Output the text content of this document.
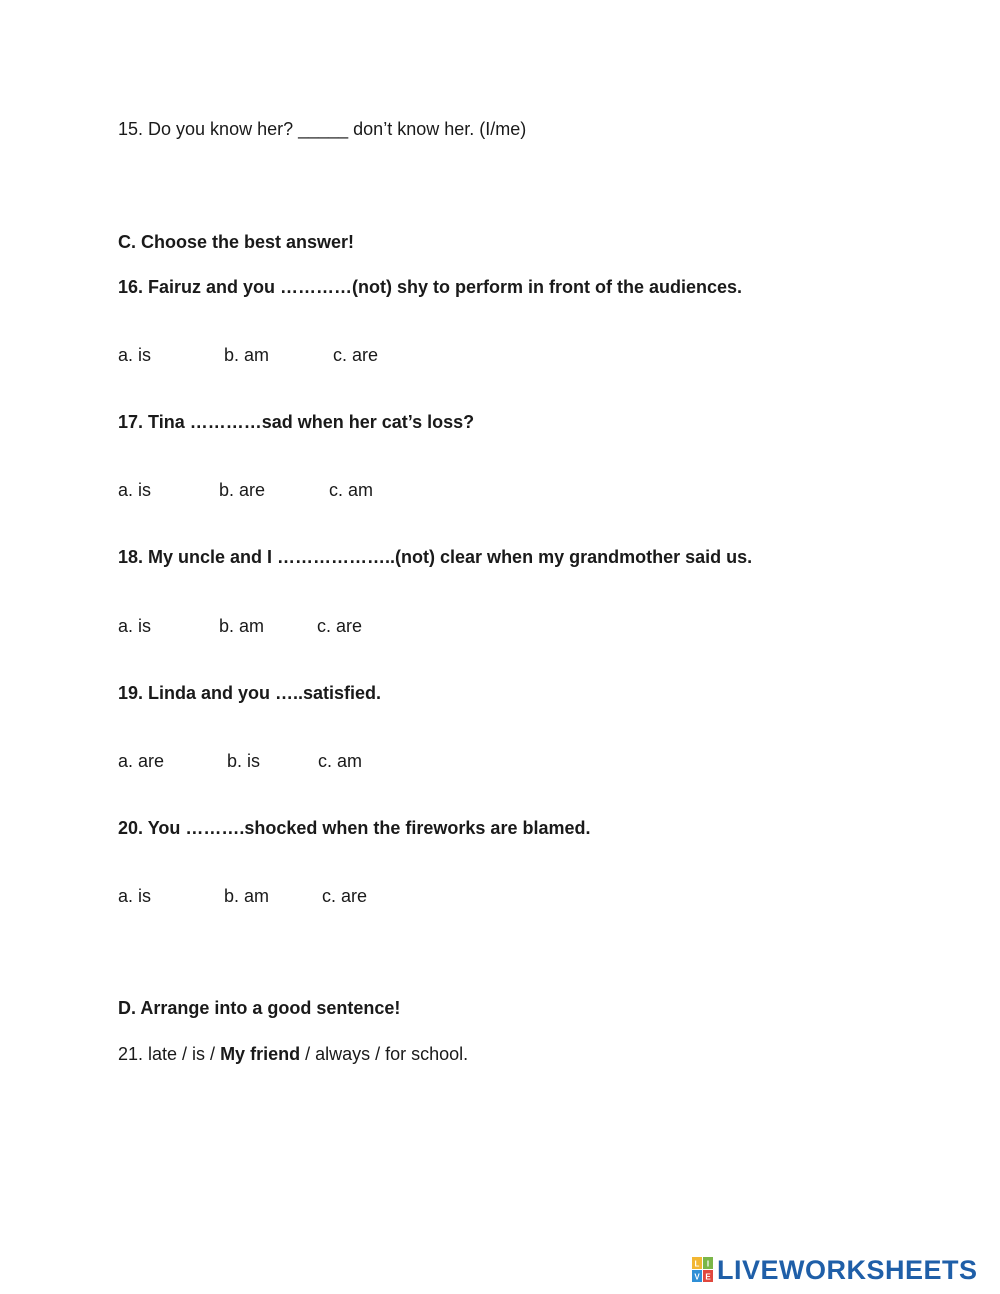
15. Do you know her? _____ don’t know her. (I/me)
C. Choose the best answer!
16. Fairuz and you …………(not) shy to perform in front of the audiences.
a. is	b. am	c. are
17. Tina …………sad when her cat’s loss?
a. is	b. are	c. am
18. My uncle and I ………………..(not) clear when my grandmother said us.
a. is	b. am	c. are
19. Linda and you …..satisfied.
a. are	b. is	c. am
20. You ……….shocked when the fireworks are blamed.
a. is	b. am	c. are
D. Arrange into a good sentence!
21. late / is / My friend / always / for school.
L I
V E LIVEWORKSHEETS
